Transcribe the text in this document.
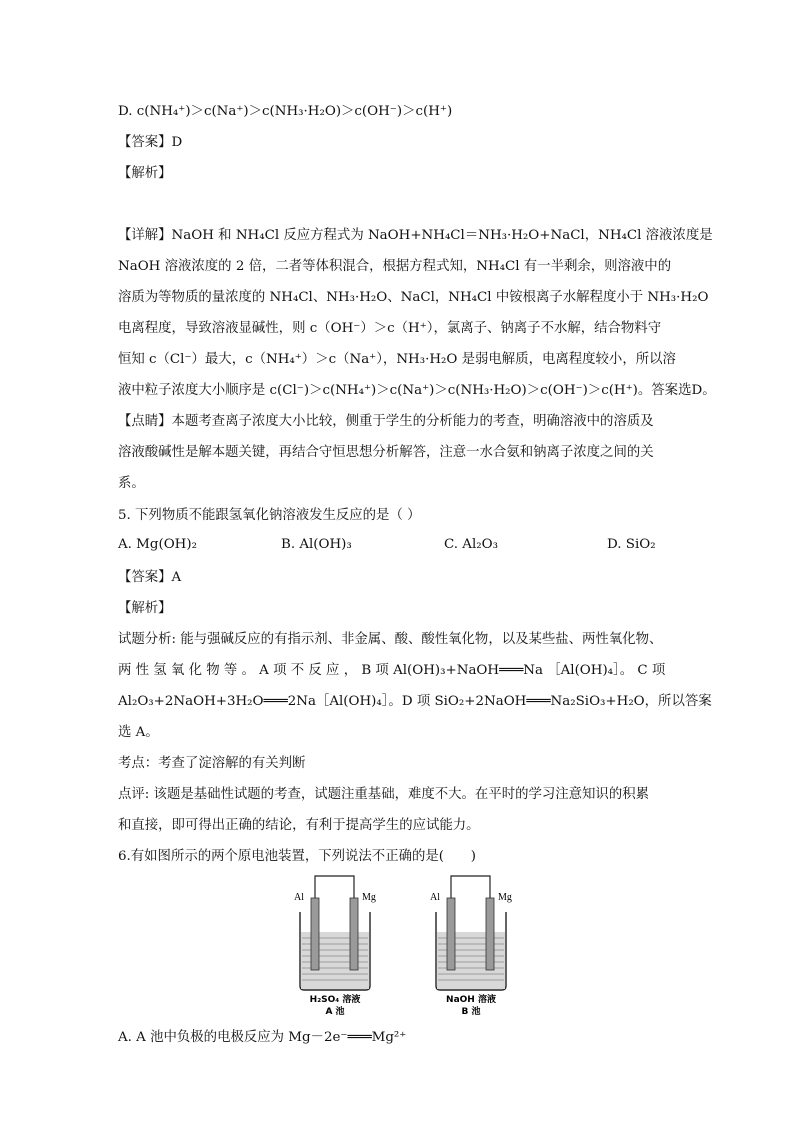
D. c(NH₄⁺)＞c(Na⁺)＞c(NH₃·H₂O)＞c(OH⁻)＞c(H⁺)
【答案】D
【解析】
【详解】NaOH 和 NH₄Cl 反应方程式为 NaOH+NH₄Cl＝NH₃·H₂O+NaCl，NH₄Cl 溶液浓度是
NaOH 溶液浓度的 2 倍，二者等体积混合，根据方程式知，NH₄Cl 有一半剩余，则溶液中的
溶质为等物质的量浓度的 NH₄Cl、NH₃·H₂O、NaCl，NH₄Cl 中铵根离子水解程度小于 NH₃·H₂O
电离程度，导致溶液显碱性，则 c（OH⁻）＞c（H⁺），氯离子、钠离子不水解，结合物料守
恒知 c（Cl⁻）最大，c（NH₄⁺）＞c（Na⁺），NH₃·H₂O 是弱电解质，电离程度较小，所以溶
液中粒子浓度大小顺序是 c(Cl⁻)＞c(NH₄⁺)＞c(Na⁺)＞c(NH₃·H₂O)＞c(OH⁻)＞c(H⁺)。答案选D。
【点睛】本题考查离子浓度大小比较，侧重于学生的分析能力的考查，明确溶液中的溶质及
溶液酸碱性是解本题关键，再结合守恒思想分析解答，注意一水合氨和钠离子浓度之间的关
系。
5. 下列物质不能跟氢氧化钠溶液发生反应的是（ ）
A. Mg(OH)₂	B. Al(OH)₃	C. Al₂O₃	D. SiO₂
【答案】A
【解析】
试题分析: 能与强碱反应的有指示剂、非金属、酸、酸性氧化物，以及某些盐、两性氧化物、
两 性 氢 氧 化 物 等 。 A 项 不 反 应 ， B 项 Al(OH)₃+NaOH═══Na ［Al(OH)₄］。 C 项
Al₂O₃+2NaOH+3H₂O═══2Na［Al(OH)₄］。D 项 SiO₂+2NaOH═══Na₂SiO₃+H₂O，所以答案
选 A。
考点：考查了淀溶解的有关判断
点评: 该题是基础性试题的考查，试题注重基础，难度不大。在平时的学习注意知识的积累
和直接，即可得出正确的结论，有利于提高学生的应试能力。
6.有如图所示的两个原电池装置，下列说法不正确的是(　　)
Al	Mg
H₂SO₄ 溶液
A 池
Al	Mg
NaOH 溶液
B 池
A. A 池中负极的电极反应为 Mg－2e⁻═══Mg²⁺
